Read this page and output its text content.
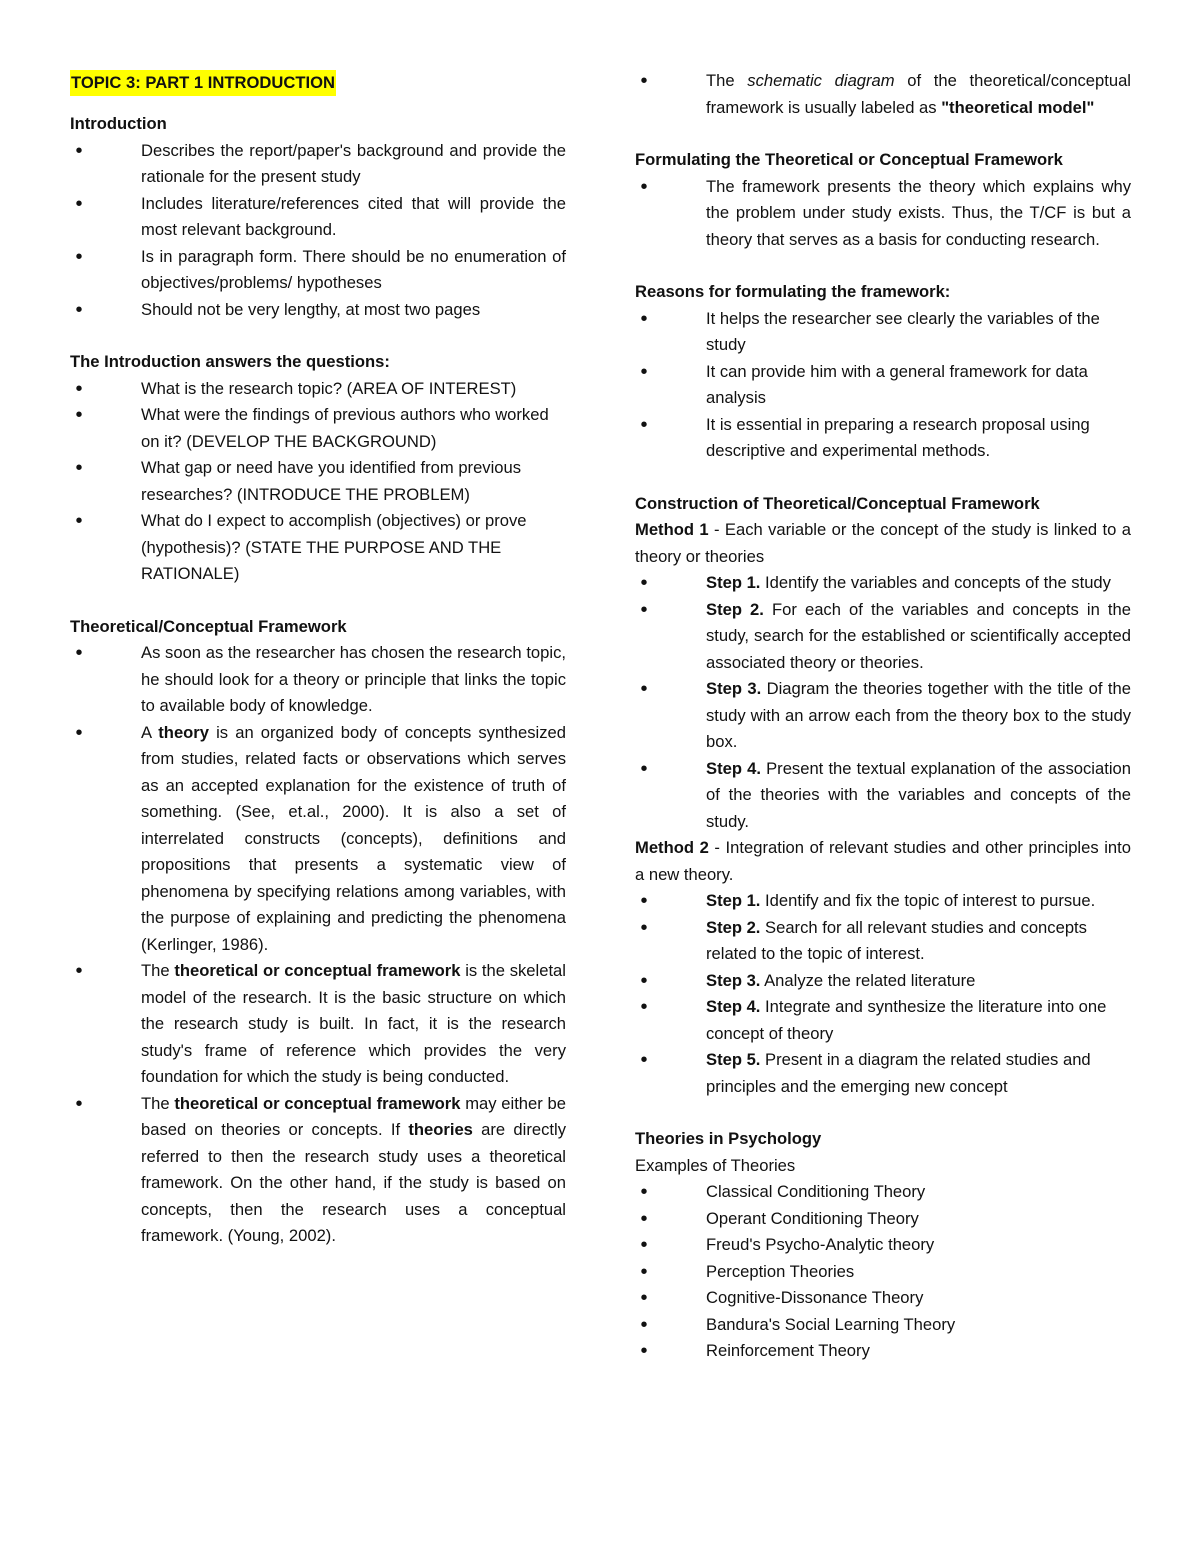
TOPIC 3: PART 1 INTRODUCTION
Introduction
• Describes the report/paper's background and provide the rationale for the present study
• Includes literature/references cited that will provide the most relevant background.
• Is in paragraph form. There should be no enumeration of objectives/problems/ hypotheses
• Should not be very lengthy, at most two pages
The Introduction answers the questions:
• What is the research topic? (AREA OF INTEREST)
• What were the findings of previous authors who worked on it? (DEVELOP THE BACKGROUND)
• What gap or need have you identified from previous researches? (INTRODUCE THE PROBLEM)
• What do I expect to accomplish (objectives) or prove (hypothesis)? (STATE THE PURPOSE AND THE RATIONALE)
Theoretical/Conceptual Framework
• As soon as the researcher has chosen the research topic, he should look for a theory or principle that links the topic to available body of knowledge.
• A theory is an organized body of concepts synthesized from studies, related facts or observations which serves as an accepted explanation for the existence of truth of something. (See, et.al., 2000). It is also a set of interrelated constructs (concepts), definitions and propositions that presents a systematic view of phenomena by specifying relations among variables, with the purpose of explaining and predicting the phenomena (Kerlinger, 1986).
• The theoretical or conceptual framework is the skeletal model of the research. It is the basic structure on which the research study is built. In fact, it is the research study's frame of reference which provides the very foundation for which the study is being conducted.
• The theoretical or conceptual framework may either be based on theories or concepts. If theories are directly referred to then the research study uses a theoretical framework. On the other hand, if the study is based on concepts, then the research uses a conceptual framework. (Young, 2002).
• The schematic diagram of the theoretical/conceptual framework is usually labeled as "theoretical model"
Formulating the Theoretical or Conceptual Framework
• The framework presents the theory which explains why the problem under study exists. Thus, the T/CF is but a theory that serves as a basis for conducting research.
Reasons for formulating the framework:
• It helps the researcher see clearly the variables of the study
• It can provide him with a general framework for data analysis
• It is essential in preparing a research proposal using descriptive and experimental methods.
Construction of Theoretical/Conceptual Framework

Method 1 - Each variable or the concept of the study is linked to a theory or theories

• Step 1. Identify the variables and concepts of the study
• Step 2. For each of the variables and concepts in the study, search for the established or scientifically accepted associated theory or theories.
• Step 3. Diagram the theories together with the title of the study with an arrow each from the theory box to the study box.
• Step 4. Present the textual explanation of the association of the theories with the variables and concepts of the study.

Method 2 - Integration of relevant studies and other principles into a new theory.

• Step 1. Identify and fix the topic of interest to pursue.
• Step 2. Search for all relevant studies and concepts related to the topic of interest.
• Step 3. Analyze the related literature
• Step 4. Integrate and synthesize the literature into one concept of theory
• Step 5. Present in a diagram the related studies and principles and the emerging new concept
Theories in Psychology

Examples of Theories

• Classical Conditioning Theory
• Operant Conditioning Theory
• Freud's Psycho-Analytic theory
• Perception Theories
• Cognitive-Dissonance Theory
• Bandura's Social Learning Theory
• Reinforcement Theory
